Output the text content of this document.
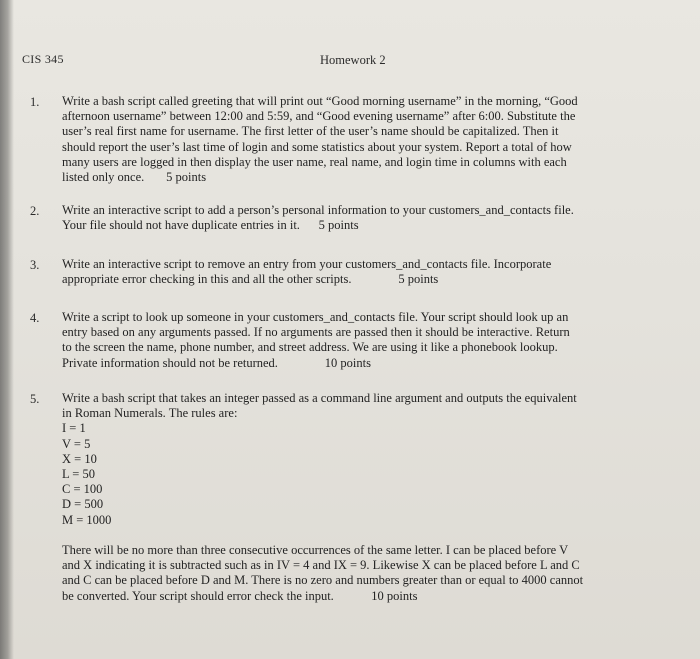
CIS 345	Homework 2
1. Write a bash script called greeting that will print out “Good morning username” in the morning, “Good
afternoon username” between 12:00 and 5:59, and “Good evening username” after 6:00. Substitute the
user’s real first name for username. The first letter of the user’s name should be capitalized. Then it
should report the user’s last time of login and some statistics about your system. Report a total of how
many users are logged in then display the user name, real name, and login time in columns with each
listed only once.       5 points
2. Write an interactive script to add a person’s personal information to your customers_and_contacts file.
Your file should not have duplicate entries in it.      5 points
3. Write an interactive script to remove an entry from your customers_and_contacts file. Incorporate
appropriate error checking in this and all the other scripts.               5 points
4. Write a script to look up someone in your customers_and_contacts file. Your script should look up an
entry based on any arguments passed. If no arguments are passed then it should be interactive. Return
to the screen the name, phone number, and street address. We are using it like a phonebook lookup.
Private information should not be returned.               10 points
5. Write a bash script that takes an integer passed as a command line argument and outputs the equivalent
in Roman Numerals. The rules are:
I = 1
V = 5
X = 10
L = 50
C = 100
D = 500
M = 1000

There will be no more than three consecutive occurrences of the same letter. I can be placed before V
and X indicating it is subtracted such as in IV = 4 and IX = 9. Likewise X can be placed before L and C
and C can be placed before D and M. There is no zero and numbers greater than or equal to 4000 cannot
be converted. Your script should error check the input.            10 points
